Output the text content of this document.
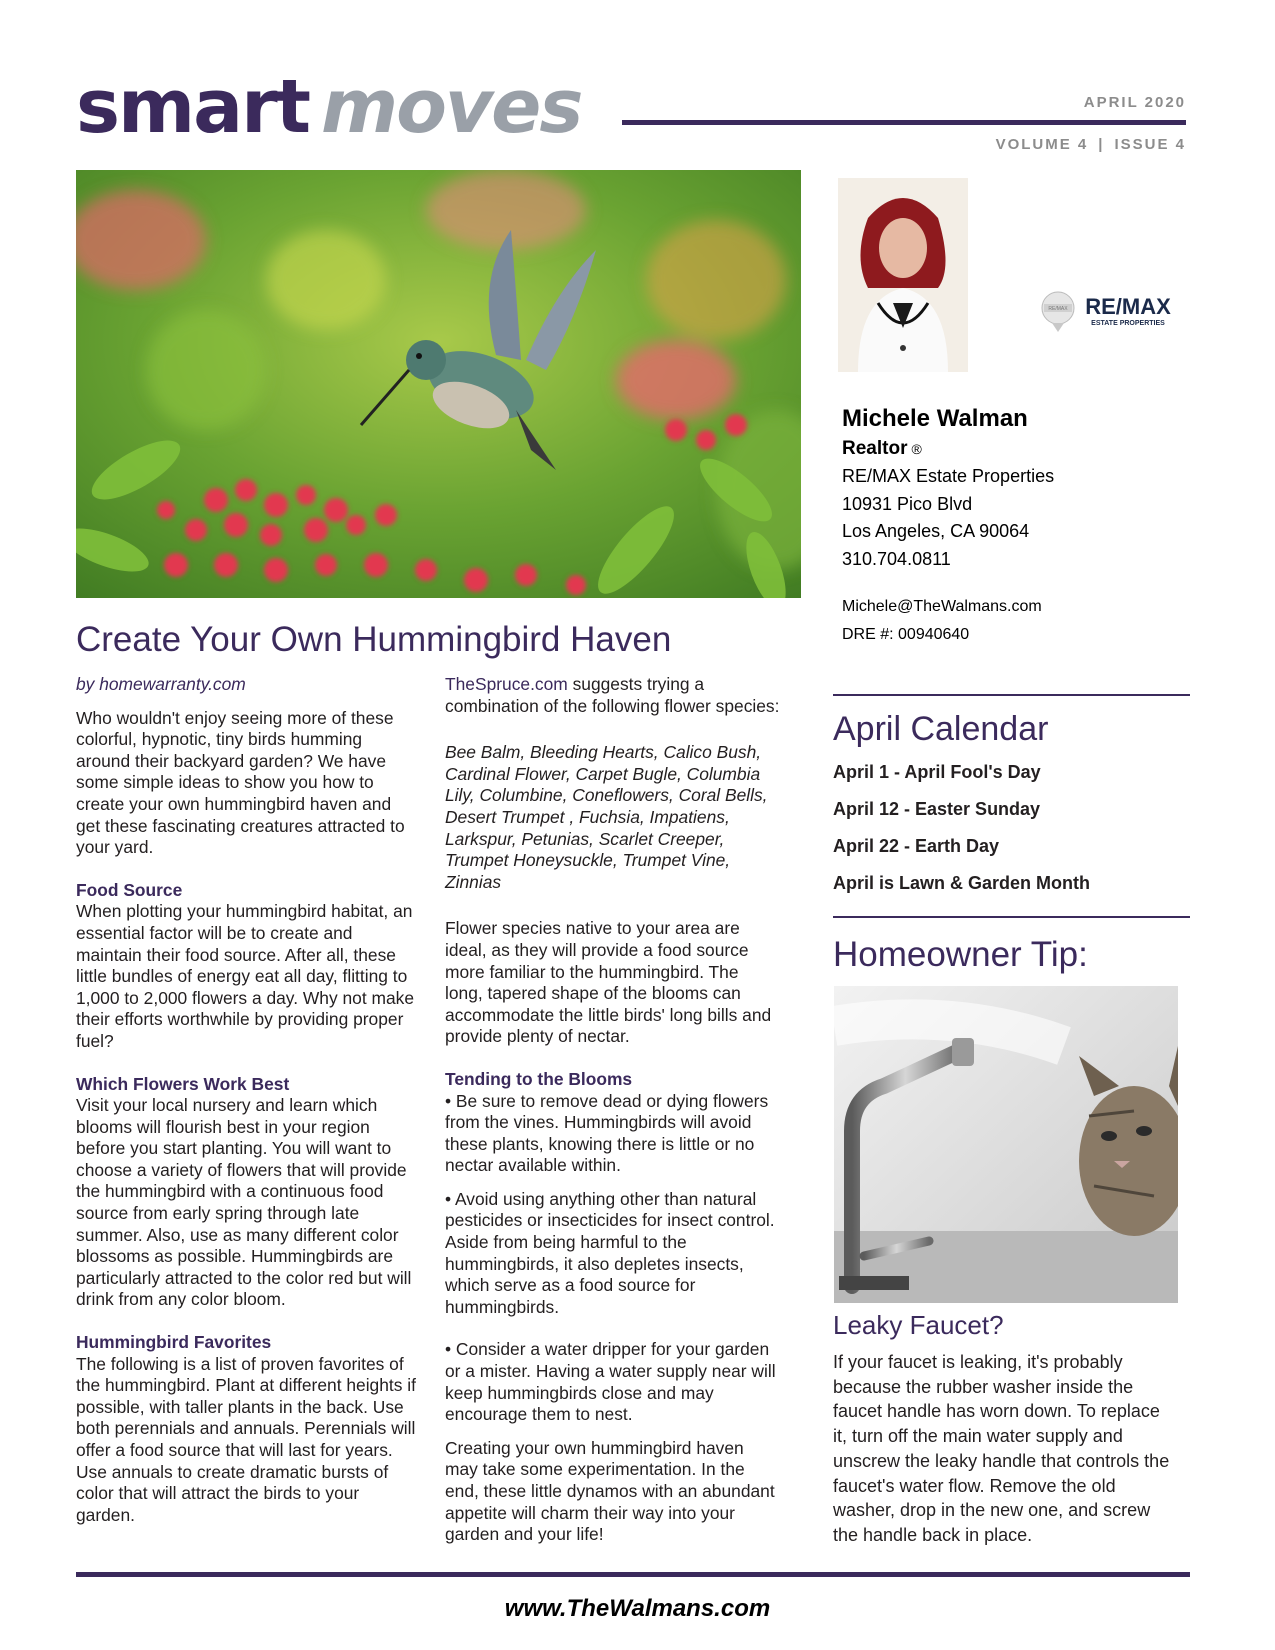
smart moves	APRIL 2020
VOLUME 4 | ISSUE 4
RE/MAX RE/MAX
ESTATE PROPERTIES
Michele Walman
Realtor ®
RE/MAX Estate Properties
10931 Pico Blvd
Los Angeles, CA 90064
310.704.0811
Michele@TheWalmans.com
DRE #: 00940640
Create Your Own Hummingbird Haven
by homewarranty.com
Who wouldn't enjoy seeing more of these colorful, hypnotic, tiny birds humming around their backyard garden? We have some simple ideas to show you how to create your own hummingbird haven and get these fascinating creatures attracted to your yard.
Food Source
When plotting your hummingbird habitat, an essential factor will be to create and maintain their food source. After all, these little bundles of energy eat all day, flitting to 1,000 to 2,000 flowers a day. Why not make their efforts worthwhile by providing proper fuel?
Which Flowers Work Best
Visit your local nursery and learn which blooms will flourish best in your region before you start planting. You will want to choose a variety of flowers that will provide the hummingbird with a continuous food source from early spring through late summer. Also, use as many different color blossoms as possible. Hummingbirds are particularly attracted to the color red but will drink from any color bloom.
Hummingbird Favorites
The following is a list of proven favorites of the hummingbird. Plant at different heights if possible, with taller plants in the back. Use both perennials and annuals. Perennials will offer a food source that will last for years. Use annuals to create dramatic bursts of color that will attract the birds to your garden.
TheSpruce.com suggests trying a combination of the following flower species:
Bee Balm, Bleeding Hearts, Calico Bush, Cardinal Flower, Carpet Bugle, Columbia Lily, Columbine, Coneflowers, Coral Bells, Desert Trumpet , Fuchsia, Impatiens, Larkspur, Petunias, Scarlet Creeper, Trumpet Honeysuckle, Trumpet Vine, Zinnias
Flower species native to your area are ideal, as they will provide a food source more familiar to the hummingbird. The long, tapered shape of the blooms can accommodate the little birds' long bills and provide plenty of nectar.
Tending to the Blooms
• Be sure to remove dead or dying flowers from the vines. Hummingbirds will avoid these plants, knowing there is little or no nectar available within.
• Avoid using anything other than natural pesticides or insecticides for insect control. Aside from being harmful to the hummingbirds, it also depletes insects, which serve as a food source for hummingbirds.
• Consider a water dripper for your garden or a mister. Having a water supply near will keep hummingbirds close and may encourage them to nest.
Creating your own hummingbird haven may take some experimentation. In the end, these little dynamos with an abundant appetite will charm their way into your garden and your life!
April Calendar
April 1 - April Fool's Day
April 12 - Easter Sunday
April 22 - Earth Day
April is Lawn & Garden Month
Homeowner Tip:
Leaky Faucet?
If your faucet is leaking, it's probably because the rubber washer inside the faucet handle has worn down. To replace it, turn off the main water supply and unscrew the leaky handle that controls the faucet's water flow. Remove the old washer, drop in the new one, and screw the handle back in place.
www.TheWalmans.com
